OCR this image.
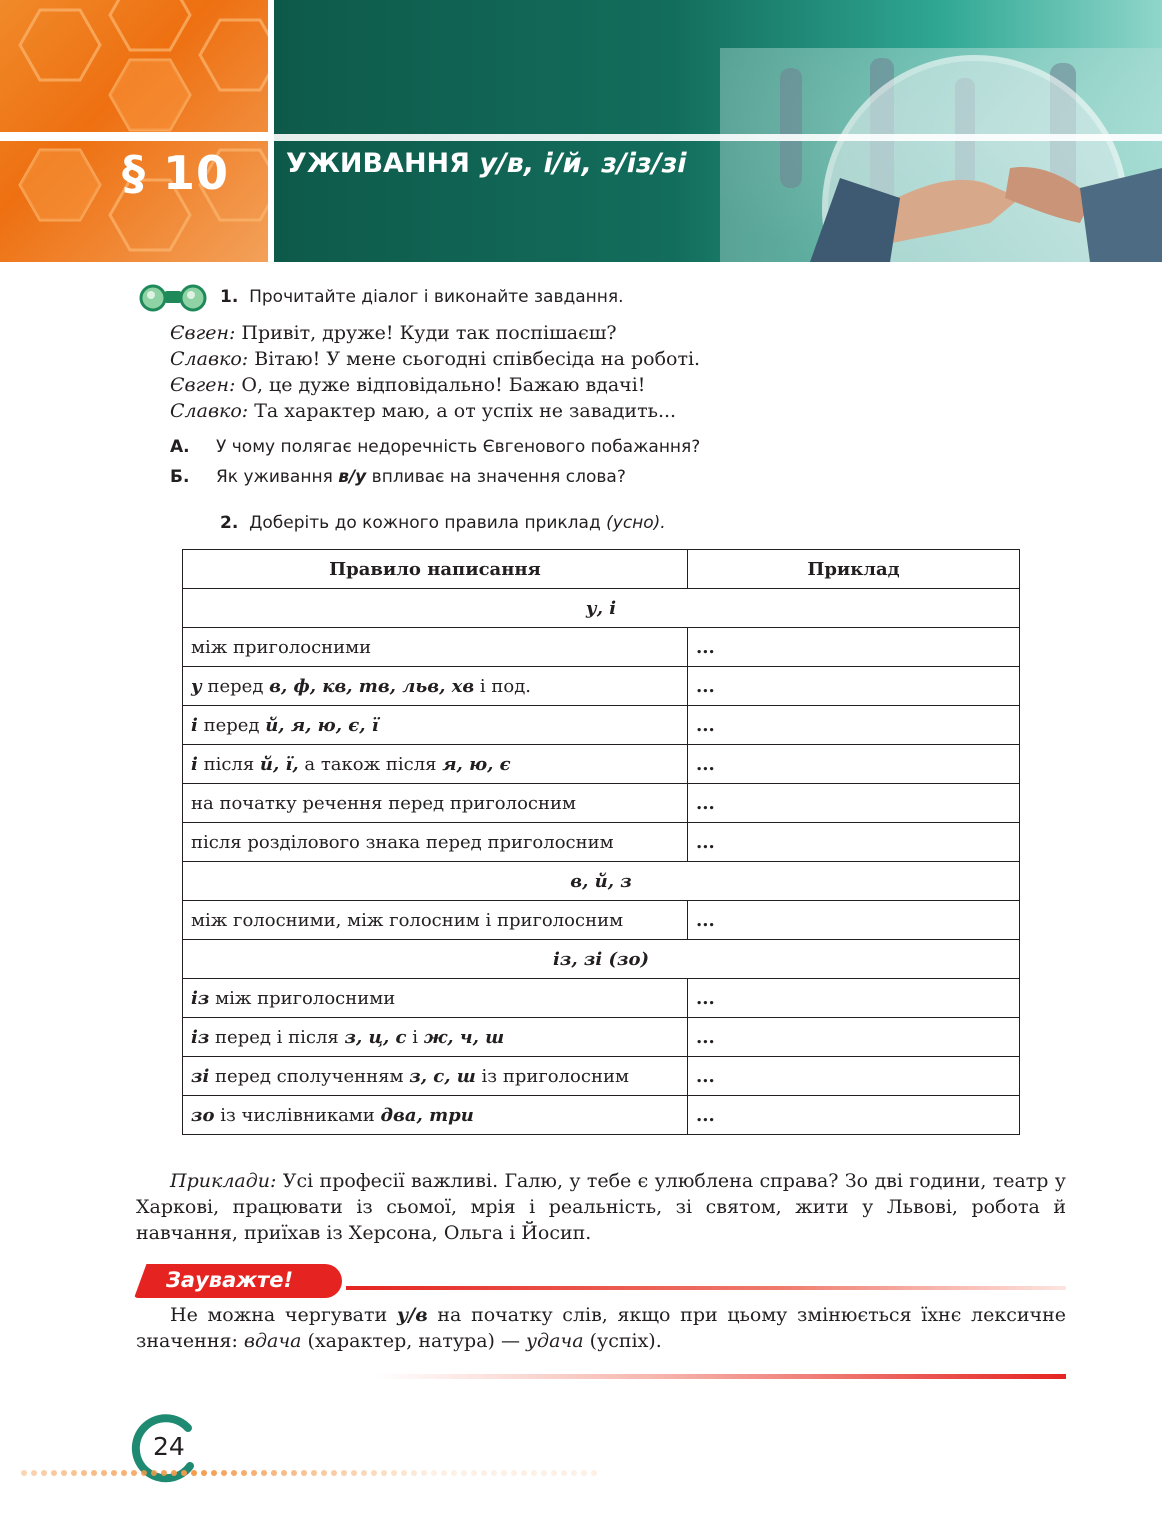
§ 10 УЖИВАННЯ у/в, і/й, з/із/зі
1. Прочитайте діалог і виконайте завдання.
Євген: Привіт, друже! Куди так поспішаєш?
Славко: Вітаю! У мене сьогодні співбесіда на роботі.
Євген: О, це дуже відповідально! Бажаю вдачі!
Славко: Та характер маю, а от успіх не завадить...
А. У чому полягає недоречність Євгенового побажання?
Б. Як уживання в/у впливає на значення слова?
2. Доберіть до кожного правила приклад (усно).
Правило написання	Приклад
у, і	
між приголосними	...
у перед в, ф, кв, тв, льв, хв і под.	...
і перед й, я, ю, є, ї	...
і після й, ї, а також після я, ю, є	...
на початку речення перед приголосним	...
після розділового знака перед приголосним	...
в, й, з	
між голосними, між голосним і приголосним	...
із, зі (зо)	
із між приголосними	...
із перед і після з, ц, с і ж, ч, ш	...
зі перед сполученням з, с, ш із приголосним	...
зо із числівниками два, три	...
Приклади: Усі професії важливі. Галю, у тебе є улюблена справа? Зо дві години, театр у Харкові, працювати із сьомої, мрія і реальність, зі святом, жити у Львові, робота й навчання, приїхав із Херсона, Ольга і Йосип.
Зауважте!
Не можна чергувати у/в на початку слів, якщо при цьому змінюється їхнє лексичне значення: вдача (характер, натура) — удача (успіх).
24
